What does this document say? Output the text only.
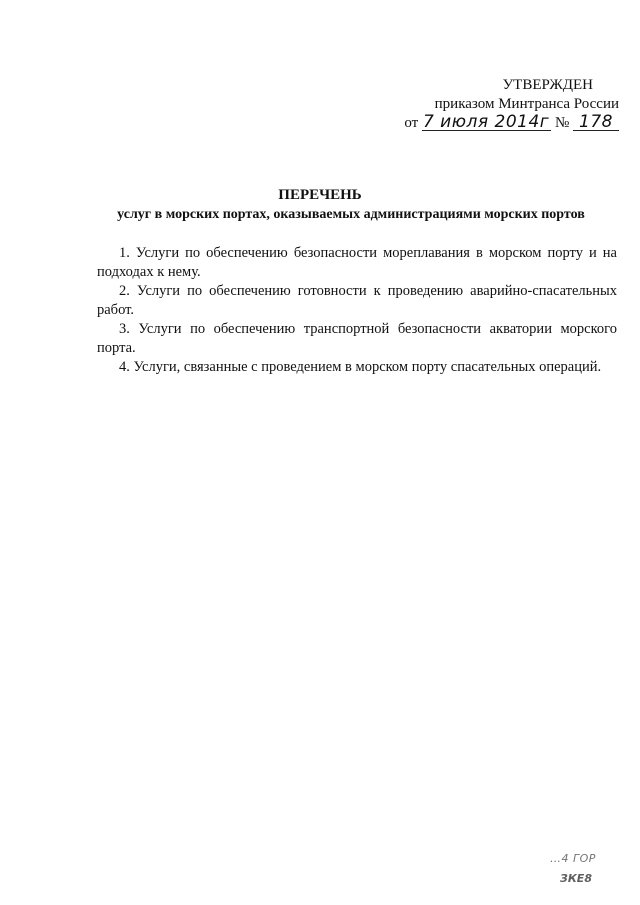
УТВЕРЖДЕН
приказом Минтранса России
от 7 июля 2014г № 178
ПЕРЕЧЕНЬ
услуг в морских портах, оказываемых администрациями морских портов
1. Услуги по обеспечению безопасности мореплавания в морском порту и на подходах к нему.
2. Услуги по обеспечению готовности к проведению аварийно-спасательных работ.
3. Услуги по обеспечению транспортной безопасности акватории морского порта.
4. Услуги, связанные с проведением в морском порту спасательных операций.
…4 ГОР
ЗКЕ8
